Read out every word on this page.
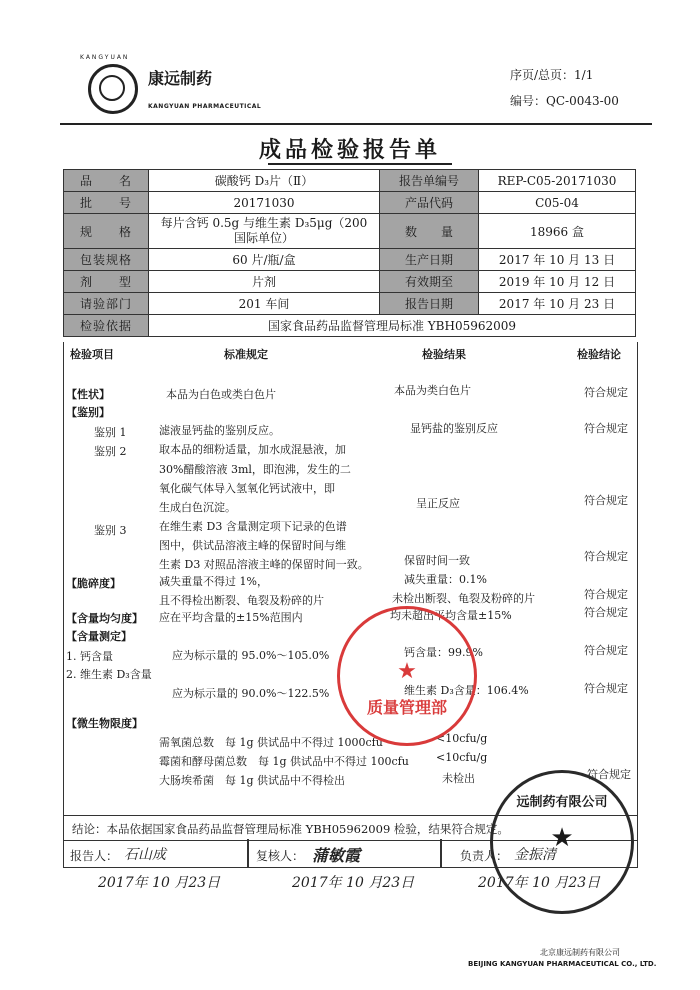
KANGYUAN
康远制药
KANGYUAN PHARMACEUTICAL
序页/总页：1/1
编号：QC-0043-00
成品检验报告单
品　　名	碳酸钙 D₃片（Ⅱ）	报告单编号	REP-C05-20171030
批　　号	20171030	产品代码	C05-04
规　　格	每片含钙 0.5g 与维生素 D₃5μg（200
国际单位）	数　　量	18966 盒
包装规格	60 片/瓶/盒	生产日期	2017 年 10 月 13 日
剂　　型	片剂	有效期至	2019 年 10 月 12 日
请验部门	201 车间	报告日期	2017 年 10 月 23 日
检验依据	国家食品药品监督管理局标准 YBH05962009		
检验项目	标准规定	检验结果	检验结论
【性状】	本品为白色或类白色片	本品为类白色片	符合规定
【鉴别】
鉴别 1	滤液显钙盐的鉴别反应。	显钙盐的鉴别反应	符合规定
鉴别 2	取本品的细粉适量，加水成混悬液，加
30%醋酸溶液 3ml，即泡沸，发生的二
氧化碳气体导入氢氧化钙试液中，即
生成白色沉淀。	呈正反应	符合规定
鉴别 3	在维生素 D3 含量测定项下记录的色谱
图中，供试品溶液主峰的保留时间与维
生素 D3 对照品溶液主峰的保留时间一致。	保留时间一致	符合规定
【脆碎度】	减失重量不得过 1%，	减失重量：0.1%
且不得检出断裂、龟裂及粉碎的片	未检出断裂、龟裂及粉碎的片	符合规定
【含量均匀度】 应在平均含量的±15%范围内	均未超出平均含量±15%	符合规定
【含量测定】
1. 钙含量	应为标示量的 95.0%～105.0%	钙含量：99.9%	符合规定
2. 维生素 D₃含量
应为标示量的 90.0%～122.5%	维生素 D₃含量：106.4%	符合规定
【微生物限度】
需氧菌总数　每 1g 供试品中不得过 1000cfu	<10cfu/g
霉菌和酵母菌总数　每 1g 供试品中不得过 100cfu <10cfu/g
大肠埃希菌　每 1g 供试品中不得检出	未检出	符合规定
结论：本品依据国家食品药品监督管理局标准 YBH05962009 检验，结果符合规定。
报告人： 石山成	复核人： 蒲敏霞	负责人： 金振清
2017年 10 月23日	2017年 10 月23日	2017年 10 月23日
★
质量管理部
远制药有限公司
★
北京康远制药有限公司
BEIJING KANGYUAN PHARMACEUTICAL CO., LTD.
